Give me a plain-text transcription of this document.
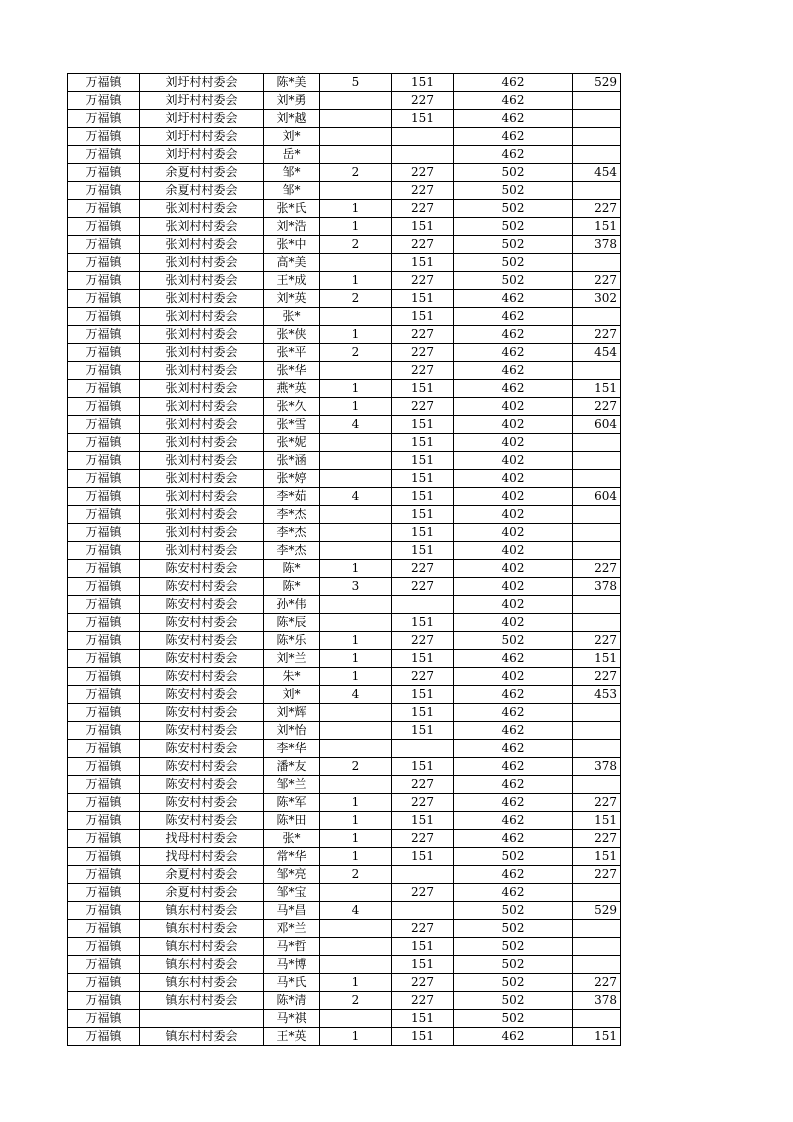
万福镇	刘圩村村委会	陈*美	5	151	462	529
万福镇	刘圩村村委会	刘*勇		227	462	
万福镇	刘圩村村委会	刘*越		151	462	
万福镇	刘圩村村委会	刘*			462	
万福镇	刘圩村村委会	岳*			462	
万福镇	余夏村村委会	邹*	2	227	502	454
万福镇	余夏村村委会	邹*		227	502	
万福镇	张刘村村委会	张*氏	1	227	502	227
万福镇	张刘村村委会	刘*浩	1	151	502	151
万福镇	张刘村村委会	张*中	2	227	502	378
万福镇	张刘村村委会	高*美		151	502	
万福镇	张刘村村委会	王*成	1	227	502	227
万福镇	张刘村村委会	刘*英	2	151	462	302
万福镇	张刘村村委会	张*		151	462	
万福镇	张刘村村委会	张*侠	1	227	462	227
万福镇	张刘村村委会	张*平	2	227	462	454
万福镇	张刘村村委会	张*华		227	462	
万福镇	张刘村村委会	燕*英	1	151	462	151
万福镇	张刘村村委会	张*久	1	227	402	227
万福镇	张刘村村委会	张*雪	4	151	402	604
万福镇	张刘村村委会	张*妮		151	402	
万福镇	张刘村村委会	张*涵		151	402	
万福镇	张刘村村委会	张*婷		151	402	
万福镇	张刘村村委会	李*茹	4	151	402	604
万福镇	张刘村村委会	李*杰		151	402	
万福镇	张刘村村委会	李*杰		151	402	
万福镇	张刘村村委会	李*杰		151	402	
万福镇	陈安村村委会	陈*	1	227	402	227
万福镇	陈安村村委会	陈*	3	227	402	378
万福镇	陈安村村委会	孙*伟			402	
万福镇	陈安村村委会	陈*辰		151	402	
万福镇	陈安村村委会	陈*乐	1	227	502	227
万福镇	陈安村村委会	刘*兰	1	151	462	151
万福镇	陈安村村委会	朱*	1	227	402	227
万福镇	陈安村村委会	刘*	4	151	462	453
万福镇	陈安村村委会	刘*辉		151	462	
万福镇	陈安村村委会	刘*怡		151	462	
万福镇	陈安村村委会	李*华			462	
万福镇	陈安村村委会	潘*友	2	151	462	378
万福镇	陈安村村委会	邹*兰		227	462	
万福镇	陈安村村委会	陈*军	1	227	462	227
万福镇	陈安村村委会	陈*田	1	151	462	151
万福镇	找母村村委会	张*	1	227	462	227
万福镇	找母村村委会	常*华	1	151	502	151
万福镇	余夏村村委会	邹*亮	2		462	227
万福镇	余夏村村委会	邹*宝		227	462	
万福镇	镇东村村委会	马*昌	4		502	529
万福镇	镇东村村委会	邓*兰		227	502	
万福镇	镇东村村委会	马*哲		151	502	
万福镇	镇东村村委会	马*博		151	502	
万福镇	镇东村村委会	马*氏	1	227	502	227
万福镇	镇东村村委会	陈*清	2	227	502	378
万福镇		马*祺		151	502	
万福镇	镇东村村委会	王*英	1	151	462	151
